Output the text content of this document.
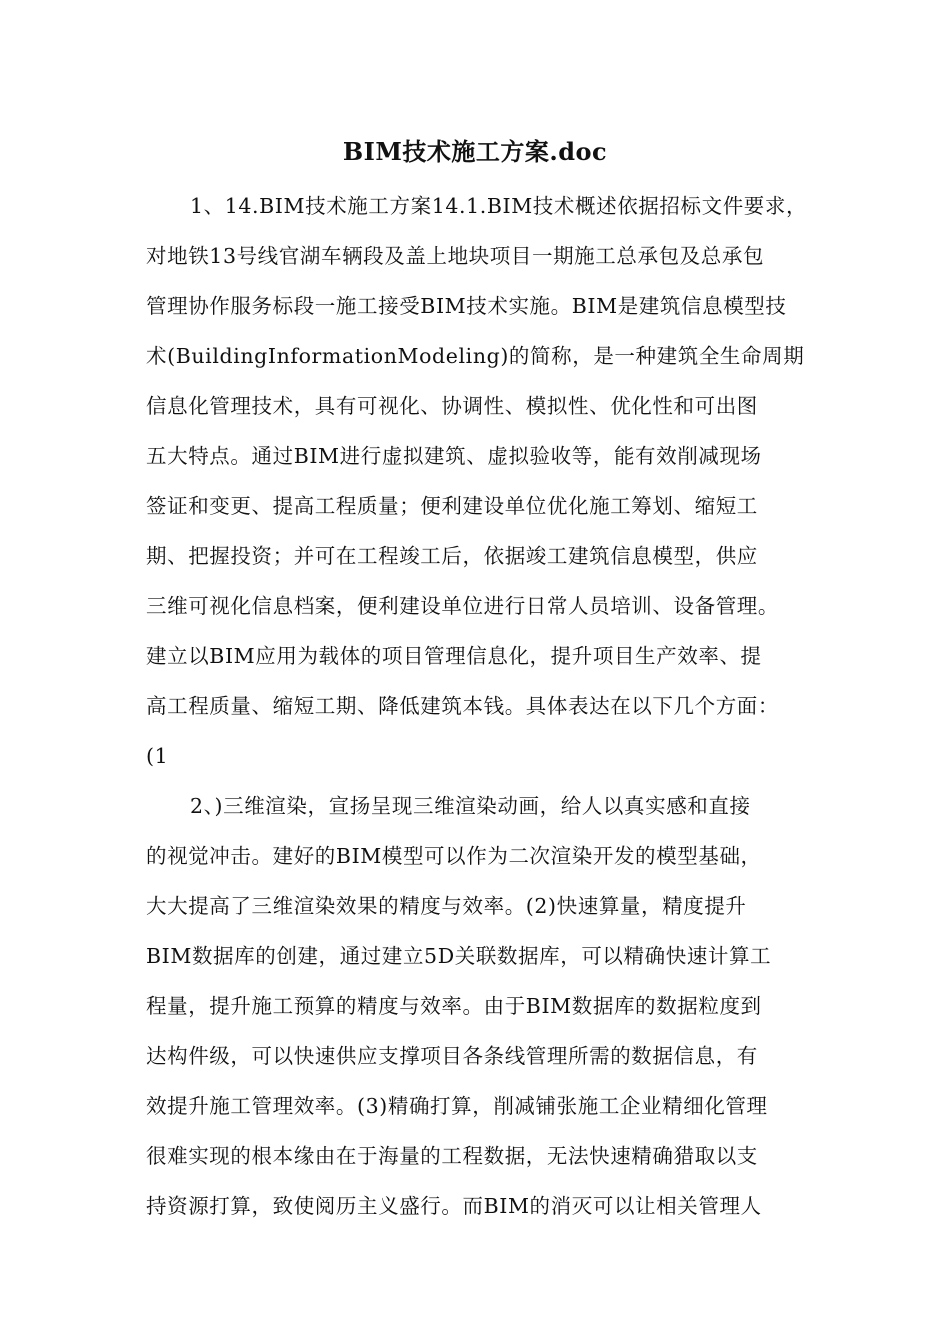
BIM技术施工方案.doc
1、14.BIM技术施工方案14.1.BIM技术概述依据招标文件要求，
对地铁13号线官湖车辆段及盖上地块项目一期施工总承包及总承包
管理协作服务标段一施工接受BIM技术实施。BIM是建筑信息模型技
术(BuildingInformationModeling)的简称，是一种建筑全生命周期
信息化管理技术，具有可视化、协调性、模拟性、优化性和可出图
五大特点。通过BIM进行虚拟建筑、虚拟验收等，能有效削减现场
签证和变更、提高工程质量；便利建设单位优化施工筹划、缩短工
期、把握投资；并可在工程竣工后，依据竣工建筑信息模型，供应
三维可视化信息档案，便利建设单位进行日常人员培训、设备管理。
建立以BIM应用为载体的项目管理信息化，提升项目生产效率、提
高工程质量、缩短工期、降低建筑本钱。具体表达在以下几个方面：
(1
2、)三维渲染，宣扬呈现三维渲染动画，给人以真实感和直接
的视觉冲击。建好的BIM模型可以作为二次渲染开发的模型基础，
大大提高了三维渲染效果的精度与效率。(2)快速算量，精度提升
BIM数据库的创建，通过建立5D关联数据库，可以精确快速计算工
程量，提升施工预算的精度与效率。由于BIM数据库的数据粒度到
达构件级，可以快速供应支撑项目各条线管理所需的数据信息，有
效提升施工管理效率。(3)精确打算，削减铺张施工企业精细化管理
很难实现的根本缘由在于海量的工程数据，无法快速精确猎取以支
持资源打算，致使阅历主义盛行。而BIM的消灭可以让相关管理人
